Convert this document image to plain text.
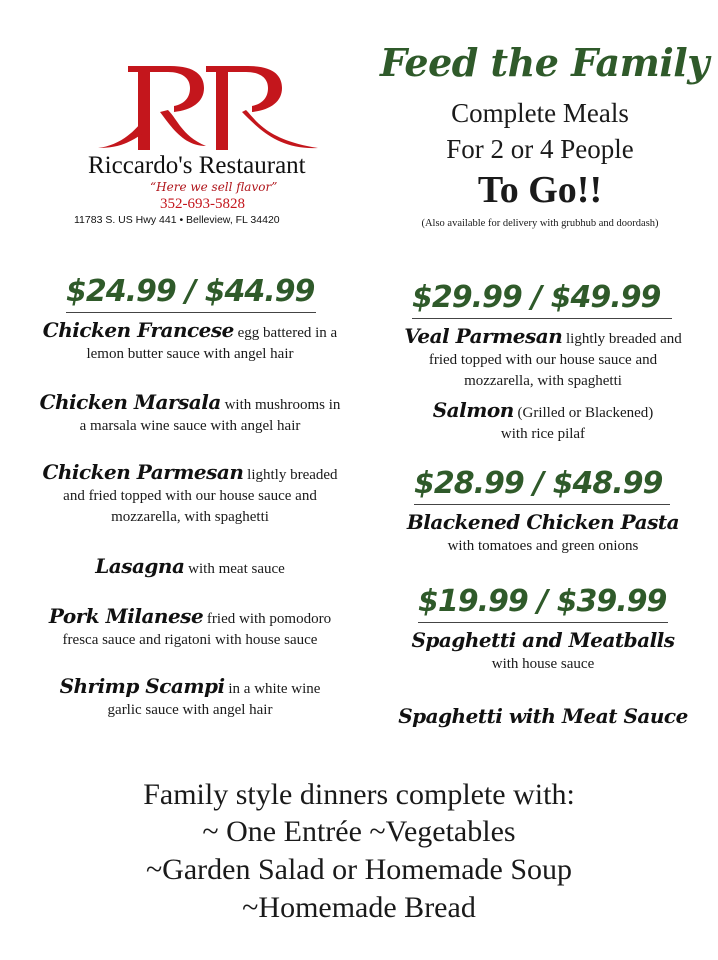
Riccardo's Restaurant
“Here we sell flavor”
352-693-5828
11783 S. US Hwy 441 • Belleview, FL 34420
Feed the Family
Complete Meals
For 2 or 4 People
To Go!!
(Also available for delivery with grubhub and doordash)
$24.99 / $44.99
Chicken Francese egg battered in a
lemon butter sauce with angel hair
Chicken Marsala with mushrooms in
a marsala wine sauce with angel hair
Chicken Parmesan lightly breaded
and fried topped with our house sauce and
mozzarella, with spaghetti
Lasagna with meat sauce
Pork Milanese fried with pomodoro
fresca sauce and rigatoni with house sauce
Shrimp Scampi in a white wine
garlic sauce with angel hair
$29.99 / $49.99
Veal Parmesan lightly breaded and
fried topped with our house sauce and
mozzarella, with spaghetti
Salmon (Grilled or Blackened)
with rice pilaf
$28.99 / $48.99
Blackened Chicken Pasta
with tomatoes and green onions
$19.99 / $39.99
Spaghetti and Meatballs
with house sauce
Spaghetti with Meat Sauce
Family style dinners complete with:
~ One Entrée ~Vegetables
~Garden Salad or Homemade Soup
~Homemade Bread
